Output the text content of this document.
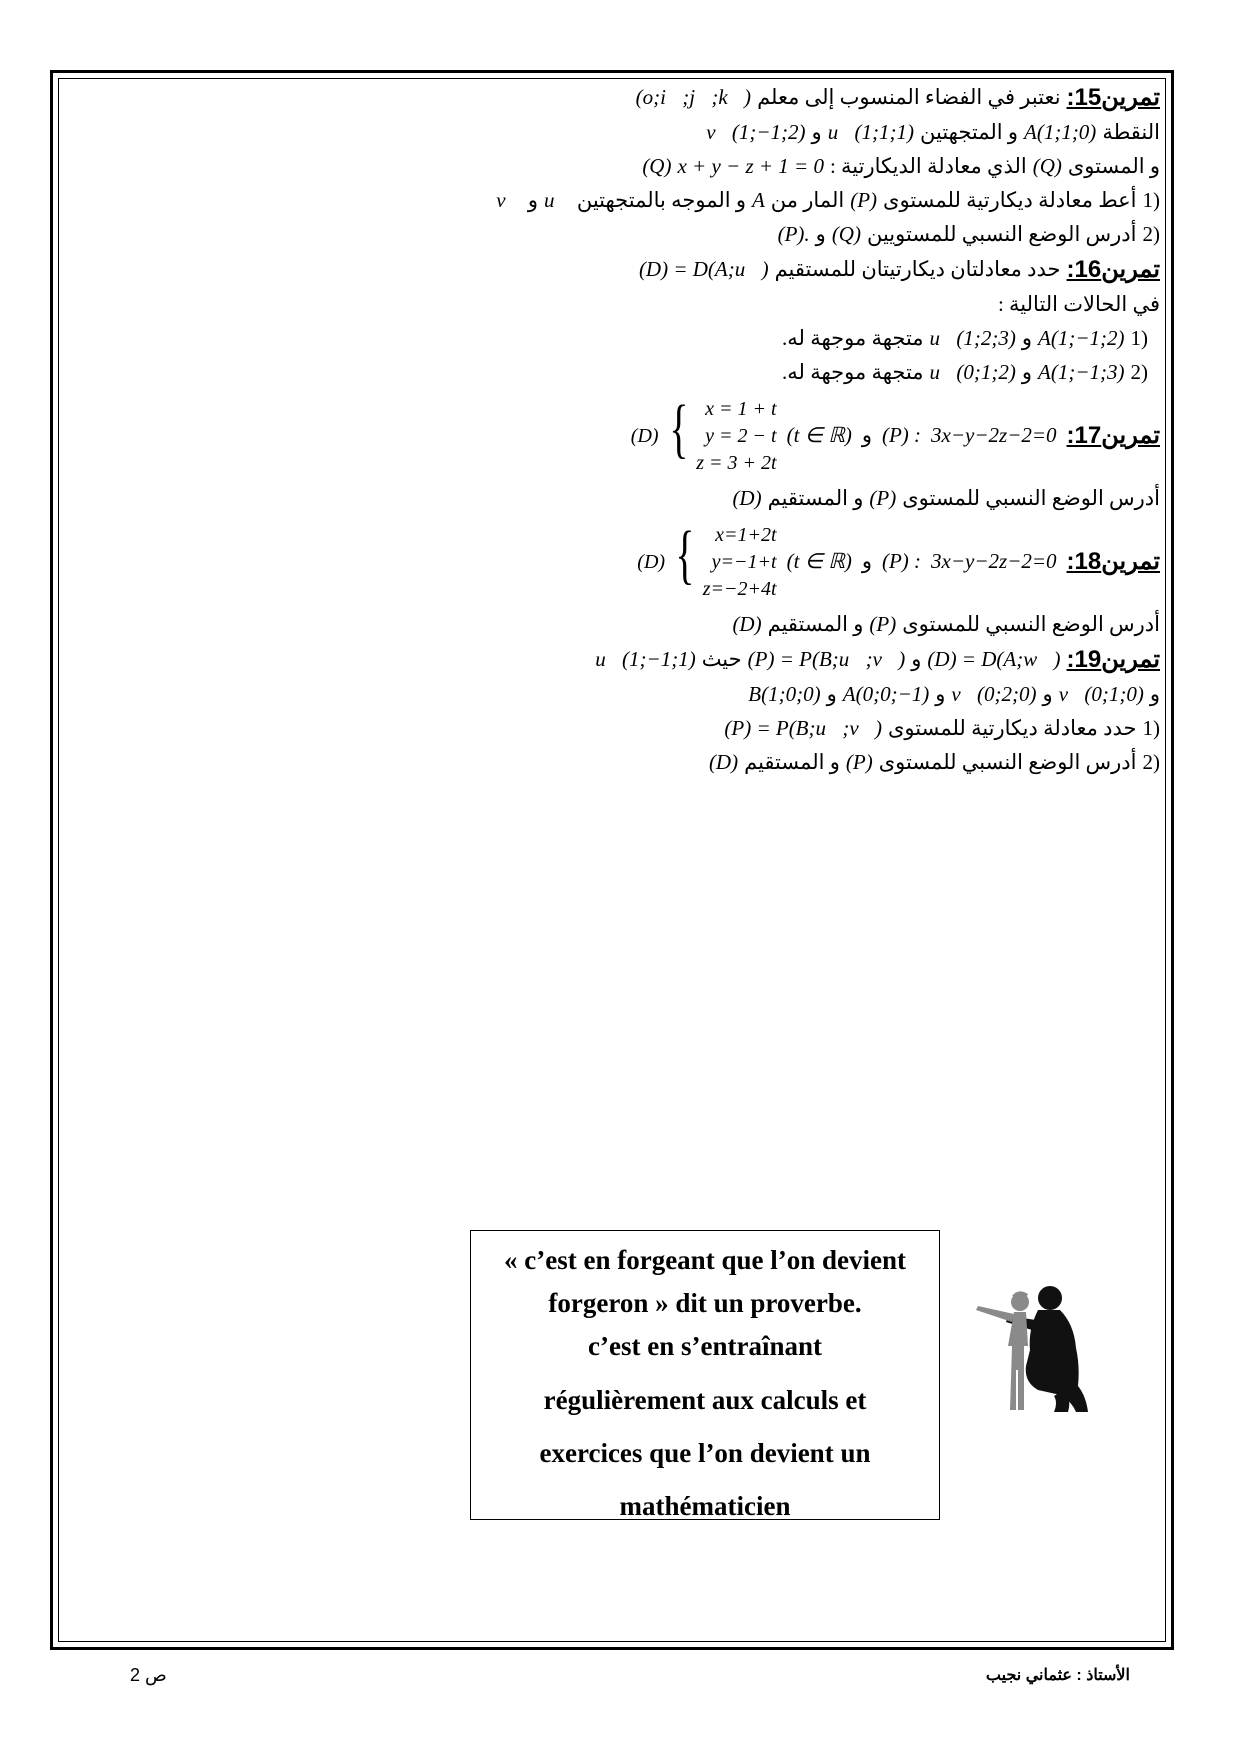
تمرين15:
نعتبر في الفضاء المنسوب إلى معلم
(o;i⃗;j⃗;k⃗)
النقطة
A(1;1;0)
و المتجهتين
u⃗(1;1;1)
و
v⃗(1;−1;2)
و المستوى
(Q)
الذي معادلة الديكارتية :
x + y − z + 1 = 0
(Q)
1)
أعط معادلة ديكارتية للمستوى
(P)
المار من
A
و الموجه بالمتجهتين
u⃗
و
v⃗
2)
أدرس الوضع النسبي للمستويين
(Q)
و
(P).
تمرين16:
حدد معادلتان ديكارتيتان للمستقيم
(D) = D(A;u⃗)
في الحالات التالية :
1)
A(1;−1;2)
و
u⃗(1;2;3)
متجهة موجهة له.
2)
A(1;−1;3)
و
u⃗(0;1;2)
متجهة موجهة له.
تمرين17:
3x−y−2z−2=0
(P) :
و
(t ∈ ℝ)
(D) { x = 1 + t
y = 2 − t
z = 3 + 2t
أدرس الوضع النسبي للمستوى
(P)
و المستقيم
(D)
تمرين18:
3x−y−2z−2=0
(P) :
و
(t ∈ ℝ)
(D) {	x=1+2t
y=−1+t
z=−2+4t
أدرس الوضع النسبي للمستوى
(P)
و المستقيم
(D)
تمرين19:
(D) = D(A;w⃗)
و
(P) = P(B;u⃗;v⃗)
حيث
u⃗(1;−1;1)
و
v⃗(0;1;0)
و
v⃗(0;2;0)
و
A(0;0;−1)
و
B(1;0;0)
1)
حدد معادلة ديكارتية للمستوى
(P) = P(B;u⃗;v⃗)
2)
أدرس الوضع النسبي للمستوى
(P)
و المستقيم
(D)
« c’est en forgeant que l’on devient
forgeron » dit un proverbe.
c’est en s’entraînant
régulièrement aux calculs et
exercices que l’on devient un
mathématicien
الأستاذ : عثماني نجيب
ص 2
